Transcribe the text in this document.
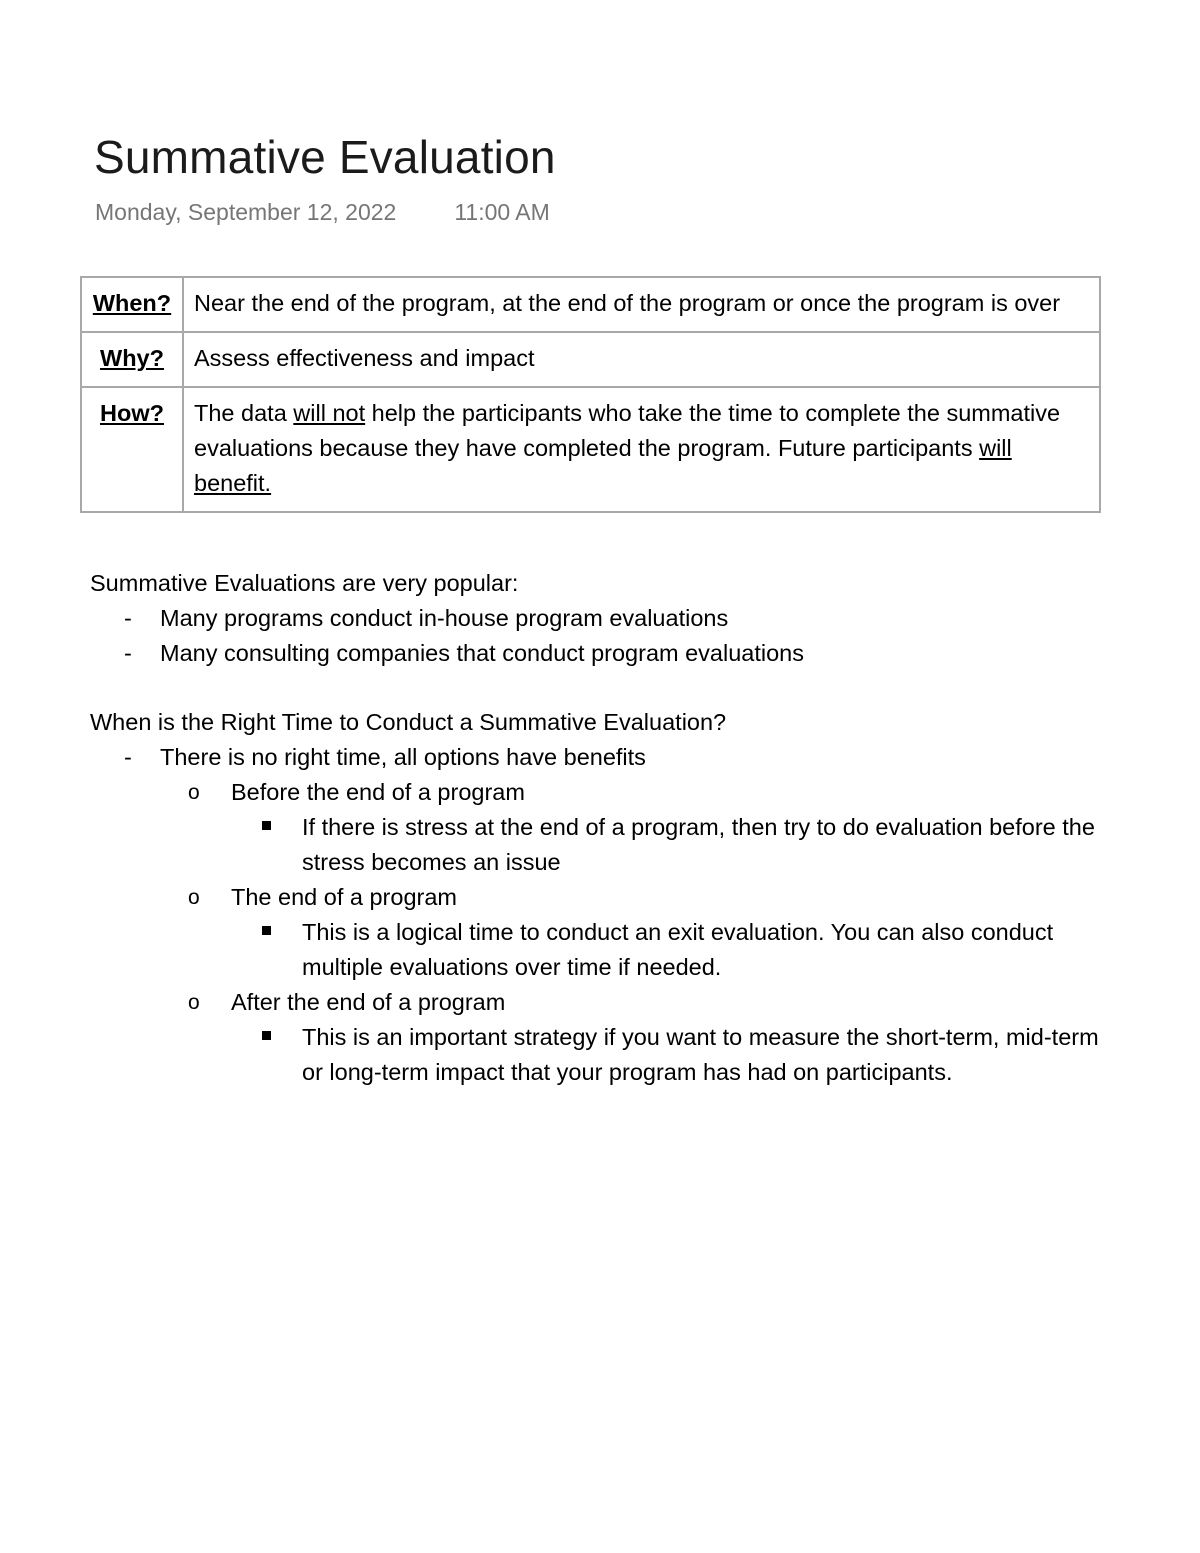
Summative Evaluation
Monday, September 12, 2022	11:00 AM
When?	Near the end of the program, at the end of the program or once the program is over
Why?	Assess effectiveness and impact
How?	The data will not help the participants who take the time to complete the summative evaluations because they have completed the program. Future participants will benefit.

Summative Evaluations are very popular:

- Many programs conduct in-house program evaluations
- Many consulting companies that conduct program evaluations

When is the Right Time to Conduct a Summative Evaluation?

- There is no right time, all options have benefits
o Before the end of a program
If there is stress at the end of a program, then try to do evaluation before the stress becomes an issue
o The end of a program
This is a logical time to conduct an exit evaluation. You can also conduct multiple evaluations over time if needed.
o After the end of a program
This is an important strategy if you want to measure the short-term, mid-term or long-term impact that your program has had on participants.
